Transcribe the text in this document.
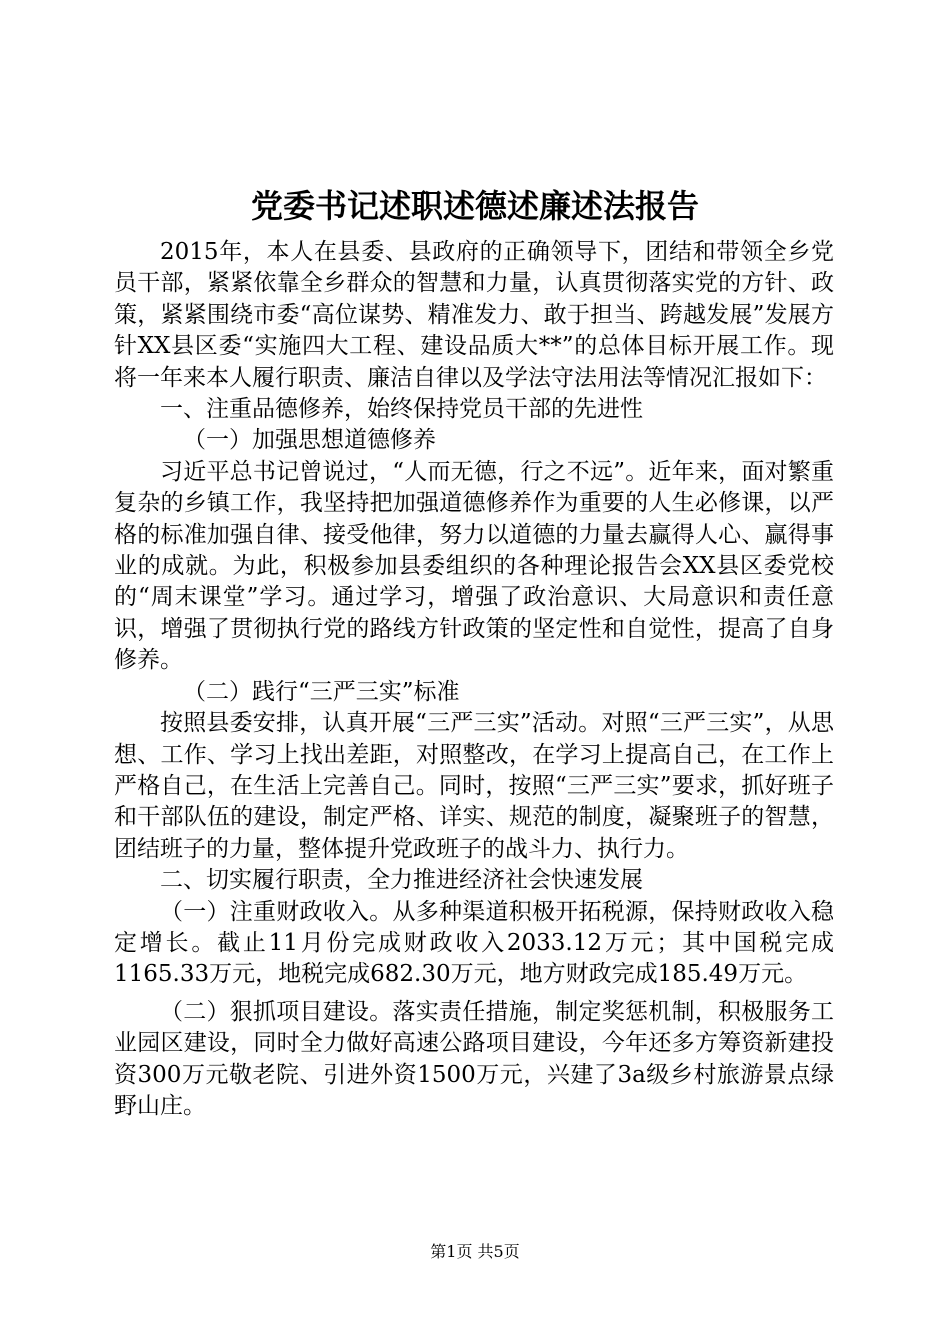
党委书记述职述德述廉述法报告

2015年，本人在县委、县政府的正确领导下，团结和带领全乡党员干部，紧紧依靠全乡群众的智慧和力量，认真贯彻落实党的方针、政策，紧紧围绕市委“高位谋势、精准发力、敢于担当、跨越发展”发展方针XX县区委“实施四大工程、建设品质大**”的总体目标开展工作。现将一年来本人履行职责、廉洁自律以及学法守法用法等情况汇报如下：

一、注重品德修养，始终保持党员干部的先进性

（一）加强思想道德修养

习近平总书记曾说过，“人而无德，行之不远”。近年来，面对繁重复杂的乡镇工作，我坚持把加强道德修养作为重要的人生必修课，以严格的标准加强自律、接受他律，努力以道德的力量去赢得人心、赢得事业的成就。为此，积极参加县委组织的各种理论报告会XX县区委党校的“周末课堂”学习。通过学习，增强了政治意识、大局意识和责任意识，增强了贯彻执行党的路线方针政策的坚定性和自觉性，提高了自身修养。

（二）践行“三严三实”标准

按照县委安排，认真开展“三严三实”活动。对照“三严三实”，从思想、工作、学习上找出差距，对照整改，在学习上提高自己，在工作上严格自己，在生活上完善自己。同时，按照“三严三实”要求，抓好班子和干部队伍的建设，制定严格、详实、规范的制度，凝聚班子的智慧，团结班子的力量，整体提升党政班子的战斗力、执行力。

二、切实履行职责，全力推进经济社会快速发展

（一）注重财政收入。从多种渠道积极开拓税源，保持财政收入稳定增长。截止11月份完成财政收入2033.12万元；其中国税完成1165.33万元，地税完成682.30万元，地方财政完成185.49万元。

（二）狠抓项目建设。落实责任措施，制定奖惩机制，积极服务工业园区建设，同时全力做好高速公路项目建设，今年还多方筹资新建投资300万元敬老院、引进外资1500万元，兴建了3a级乡村旅游景点绿野山庄。

第1页 共5页
